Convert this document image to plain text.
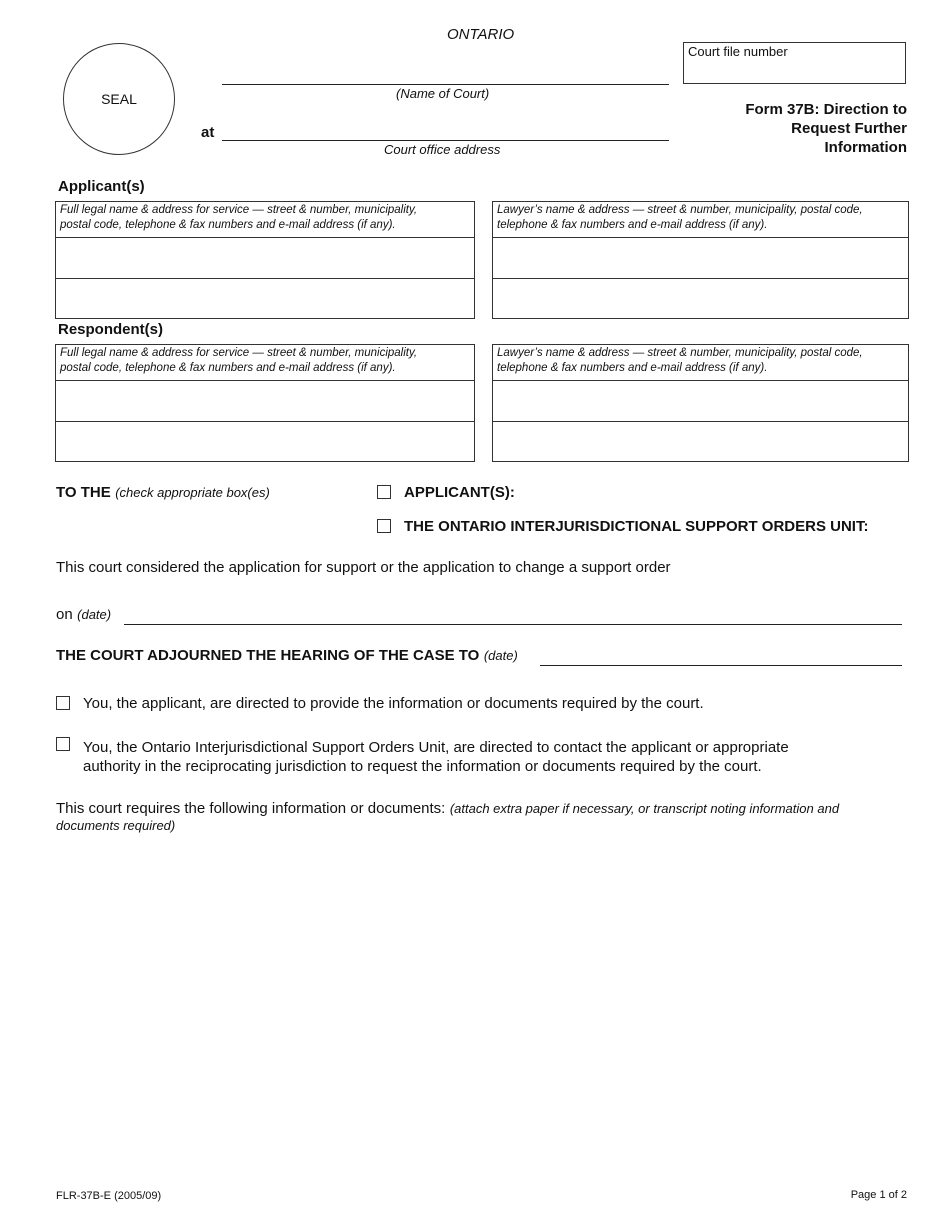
ONTARIO
SEAL	(Name of Court)
at
Court office address
Court file number
Form 37B: Direction to
Request Further
Information
Applicant(s)
Full legal name & address for service — street & number, municipality,
postal code, telephone & fax numbers and e-mail address (if any).
Lawyer’s name & address — street & number, municipality, postal code,
telephone & fax numbers and e-mail address (if any).
Respondent(s)
Full legal name & address for service — street & number, municipality,
postal code, telephone & fax numbers and e-mail address (if any).
Lawyer’s name & address — street & number, municipality, postal code,
telephone & fax numbers and e-mail address (if any).
TO THE (check appropriate box(es)	APPLICANT(S):
THE ONTARIO INTERJURISDICTIONAL SUPPORT ORDERS UNIT:
This court considered the application for support or the application to change a support order
on (date)
THE COURT ADJOURNED THE HEARING OF THE CASE TO (date)
You, the applicant, are directed to provide the information or documents required by the court.
You, the Ontario Interjurisdictional Support Orders Unit, are directed to contact the applicant or appropriate
authority in the reciprocating jurisdiction to request the information or documents required by the court.
This court requires the following information or documents: (attach extra paper if necessary, or transcript noting information and
documents required)
FLR-37B-E (2005/09)	Page 1 of 2
